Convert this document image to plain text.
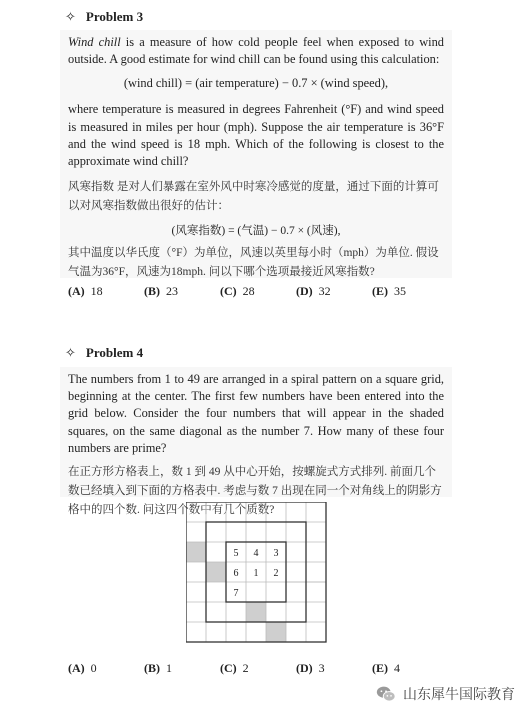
✧ Problem 3

Wind chill is a measure of how cold people feel when exposed to wind outside. A good estimate for wind chill can be found using this calculation:

(wind chill) = (air temperature) − 0.7 × (wind speed),

where temperature is measured in degrees Fahrenheit (°F) and wind speed is measured in miles per hour (mph). Suppose the air temperature is 36°F and the wind speed is 18 mph. Which of the following is closest to the approximate wind chill?

风寒指数 是对人们暴露在室外风中时寒冷感觉的度量，通过下面的计算可以对风寒指数做出很好的估计：

(风寒指数) = (气温) − 0.7 × (风速),

其中温度以华氏度（°F）为单位，风速以英里每小时（mph）为单位. 假设气温为36°F，风速为18mph. 问以下哪个选项最接近风寒指数?

(A) 18	(B) 23	(C) 28	(D) 32	(E) 35
✧ Problem 4

The numbers from 1 to 49 are arranged in a spiral pattern on a square grid, beginning at the center. The first few numbers have been entered into the grid below. Consider the four numbers that will appear in the shaded squares, on the same diagonal as the number 7. How many of these four numbers are prime?

在正方形方格表上，数 1 到 49 从中心开始，按螺旋式方式排列. 前面几个数已经填入到下面的方格表中. 考虑与数 7 出现在同一个对角线上的阴影方格中的四个数. 问这四个数中有几个质数?

5 4 3
6 1 2
7
(A) 0	(B) 1	(C) 2	(D) 3	(E) 4
山东犀牛国际教育
